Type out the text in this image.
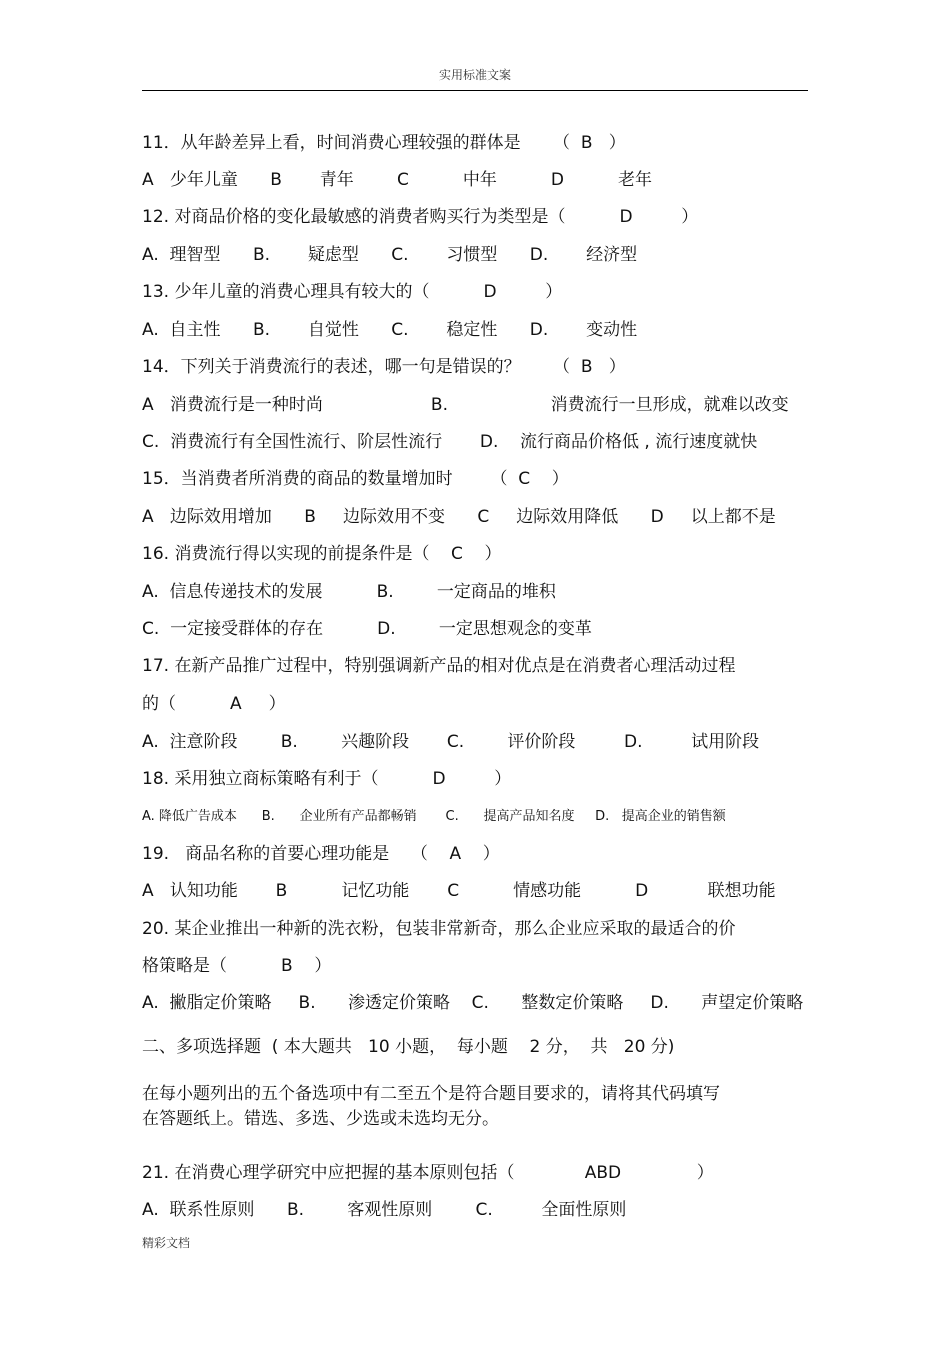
实用标准文案
11．从年龄差异上看，时间消费心理较强的群体是      （  B   ）
A   少年儿童      B       青年        C          中年          D          老年
12. 对商品价格的变化最敏感的消费者购买行为类型是（          D         ）
A.  理智型      B.       疑虑型      C.       习惯型      D.       经济型
13. 少年儿童的消费心理具有较大的（          D         ）
A.  自主性      B.       自觉性      C.       稳定性      D.       变动性
14．下列关于消费流行的表述，哪一句是错误的？      （  B   ）
A   消费流行是一种时尚                    B.                   消费流行一旦形成，就难以改变
C.  消费流行有全国性流行、阶层性流行       D.    流行商品价格低 , 流行速度就快
15．当消费者所消费的商品的数量增加时       （  C    ）
A   边际效用增加      B     边际效用不变      C     边际效用降低      D     以上都不是
16. 消费流行得以实现的前提条件是（    C    ）
A.  信息传递技术的发展          B.        一定商品的堆积
C.  一定接受群体的存在          D.        一定思想观念的变革
17. 在新产品推广过程中，特别强调新产品的相对优点是在消费者心理活动过程
的（          A     ）
A.  注意阶段        B.        兴趣阶段       C.        评价阶段         D.         试用阶段
18. 采用独立商标策略有利于（          D         ）
A. 降低广告成本      B.      企业所有产品都畅销       C.      提高产品知名度     D.   提高企业的销售额
19.   商品名称的首要心理功能是    （    A    ）
A   认知功能       B          记忆功能       C          情感功能          D           联想功能
20. 某企业推出一种新的洗衣粉，包装非常新奇，那么企业应采取的最适合的价
格策略是（          B    ）
A.  撇脂定价策略     B.      渗透定价策略    C.      整数定价策略     D.      声望定价策略
二、多项选择题  ( 本大题共   10 小题，  每小题    2 分，  共   20 分)
在每小题列出的五个备选项中有二至五个是符合题目要求的，请将其代码填写
在答题纸上。错选、多选、少选或未选均无分。
21. 在消费心理学研究中应把握的基本原则包括（             ABD              ）
A.  联系性原则      B.        客观性原则        C.         全面性原则
精彩文档
